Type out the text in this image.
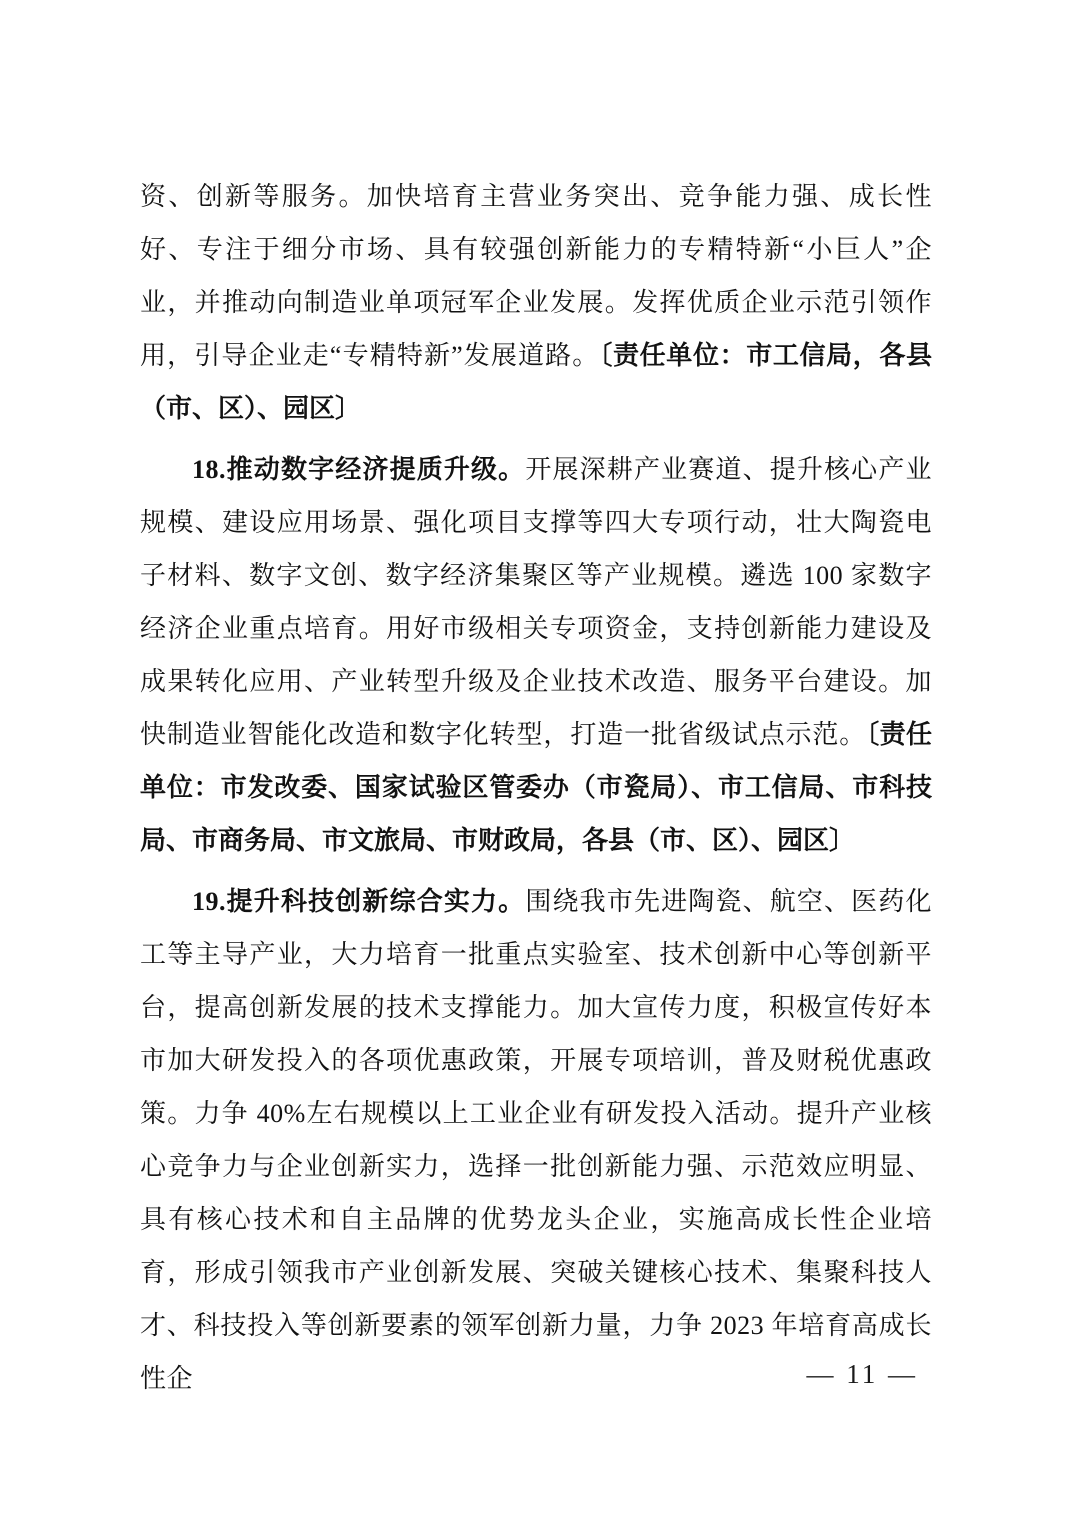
资、创新等服务。加快培育主营业务突出、竞争能力强、成长性好、专注于细分市场、具有较强创新能力的专精特新“小巨人”企业，并推动向制造业单项冠军企业发展。发挥优质企业示范引领作用，引导企业走“专精特新”发展道路。〔责任单位：市工信局，各县（市、区）、园区〕

18.推动数字经济提质升级。开展深耕产业赛道、提升核心产业规模、建设应用场景、强化项目支撑等四大专项行动，壮大陶瓷电子材料、数字文创、数字经济集聚区等产业规模。遴选 100 家数字经济企业重点培育。用好市级相关专项资金，支持创新能力建设及成果转化应用、产业转型升级及企业技术改造、服务平台建设。加快制造业智能化改造和数字化转型，打造一批省级试点示范。〔责任单位：市发改委、国家试验区管委办（市瓷局）、市工信局、市科技局、市商务局、市文旅局、市财政局，各县（市、区）、园区〕

19.提升科技创新综合实力。围绕我市先进陶瓷、航空、医药化工等主导产业，大力培育一批重点实验室、技术创新中心等创新平台，提高创新发展的技术支撑能力。加大宣传力度，积极宣传好本市加大研发投入的各项优惠政策，开展专项培训，普及财税优惠政策。力争 40%左右规模以上工业企业有研发投入活动。提升产业核心竞争力与企业创新实力，选择一批创新能力强、示范效应明显、具有核心技术和自主品牌的优势龙头企业，实施高成长性企业培育，形成引领我市产业创新发展、突破关键核心技术、集聚科技人才、科技投入等创新要素的领军创新力量，力争 2023 年培育高成长性企	— 11 —
